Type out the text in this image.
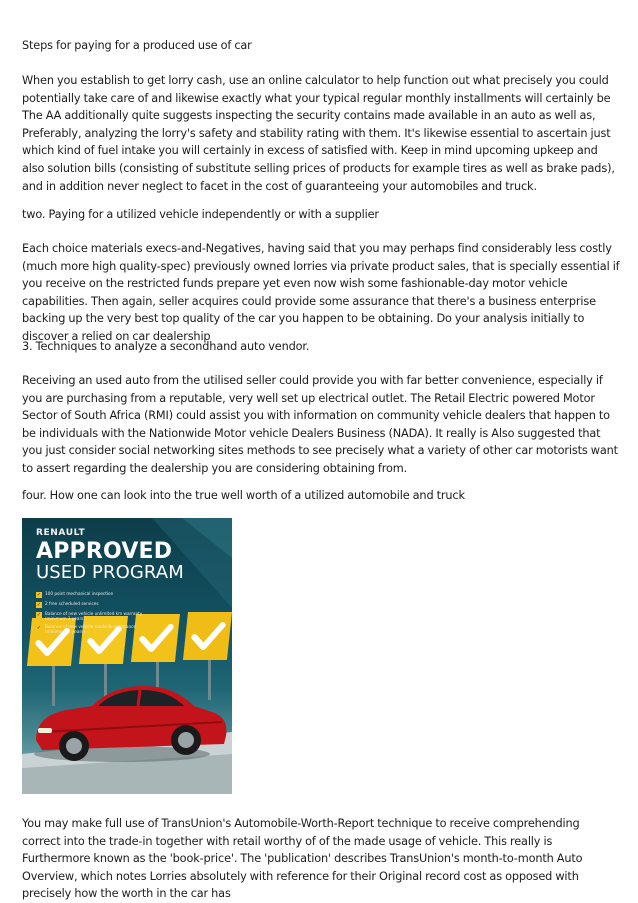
Steps for paying for a produced use of car

When you establish to get lorry cash, use an online calculator to help function out what precisely you could potentially take care of and likewise exactly what your typical regular monthly installments will certainly be The AA additionally quite suggests inspecting the security contains made available in an auto as well as, Preferably, analyzing the lorry's safety and stability rating with them. It's likewise essential to ascertain just which kind of fuel intake you will certainly in excess of satisfied with. Keep in mind upcoming upkeep and also solution bills (consisting of substitute selling prices of products for example tires as well as brake pads), and in addition never neglect to facet in the cost of guaranteeing your automobiles and truck.

two. Paying for a utilized vehicle independently or with a supplier

Each choice materials execs-and-Negatives, having said that you may perhaps find considerably less costly (much more high quality-spec) previously owned lorries via private product sales, that is specially essential if you receive on the restricted funds prepare yet even now wish some fashionable-day motor vehicle capabilities. Then again, seller acquires could provide some assurance that there's a business enterprise backing up the very best top quality of the car you happen to be obtaining. Do your analysis initially to discover a relied on car dealership

3. Techniques to analyze a secondhand auto vendor.

Receiving an used auto from the utilised seller could provide you with far better convenience, especially if you are purchasing from a reputable, very well set up electrical outlet. The Retail Electric powered Motor Sector of South Africa (RMI) could assist you with information on community vehicle dealers that happen to be individuals with the Nationwide Motor vehicle Dealers Business (NADA). It really is Also suggested that you just consider social networking sites methods to see precisely what a variety of other car motorists want to assert regarding the dealership you are considering obtaining from.

four. How one can look into the true well worth of a utilized automobile and truck

You may make full use of TransUnion's Automobile-Worth-Report technique to receive comprehending correct into the trade-in together with retail worthy of of the made usage of vehicle. This really is Furthermore known as the 'book-price'. The 'publication' describes TransUnion's month-to-month Auto Overview, which notes Lorries absolutely with reference for their Original record cost as opposed with precisely how the worth in the car has

RENAULT
APPROVED
USED PROGRAM
✓ 100 point mechanical inspection
✓ 2 free scheduled services
✓ Balance of new vehicle unlimited km warranty (minimum 2 years)
✓ Balance of new vehicle roadside assistance (minimum 2 years)
